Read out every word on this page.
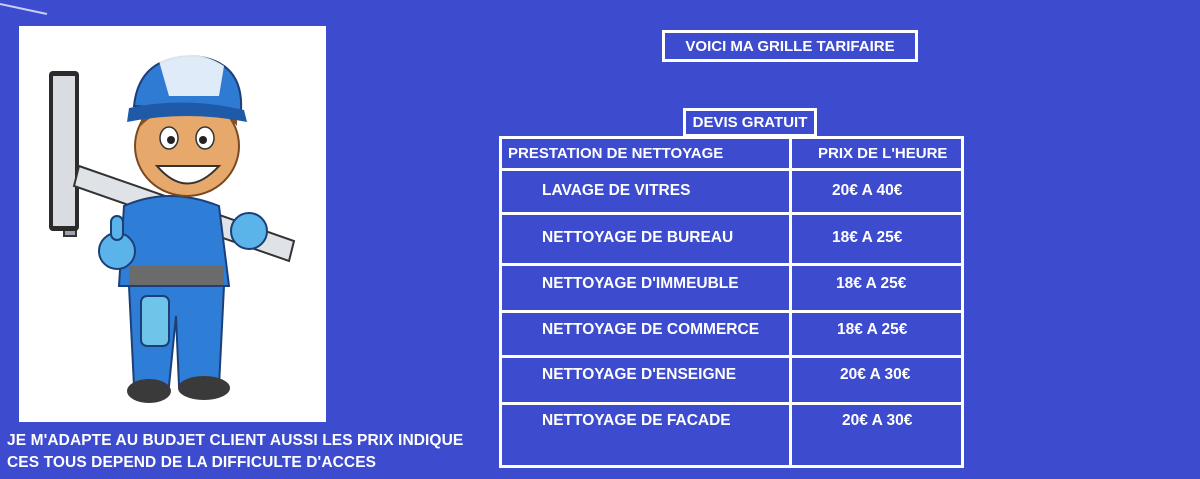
JE M'ADAPTE AU BUDJET CLIENT AUSSI LES PRIX INDIQUE
CES TOUS DEPEND DE LA DIFFICULTE D'ACCES
VOICI MA GRILLE TARIFAIRE
DEVIS GRATUIT
PRESTATION DE NETTOYAGE	PRIX DE L'HEURE
LAVAGE DE VITRES	20€ A 40€
NETTOYAGE DE BUREAU	18€ A 25€
NETTOYAGE D'IMMEUBLE	18€ A 25€
NETTOYAGE DE COMMERCE	18€ A 25€
NETTOYAGE D'ENSEIGNE	20€ A 30€
NETTOYAGE DE FACADE	20€ A 30€
